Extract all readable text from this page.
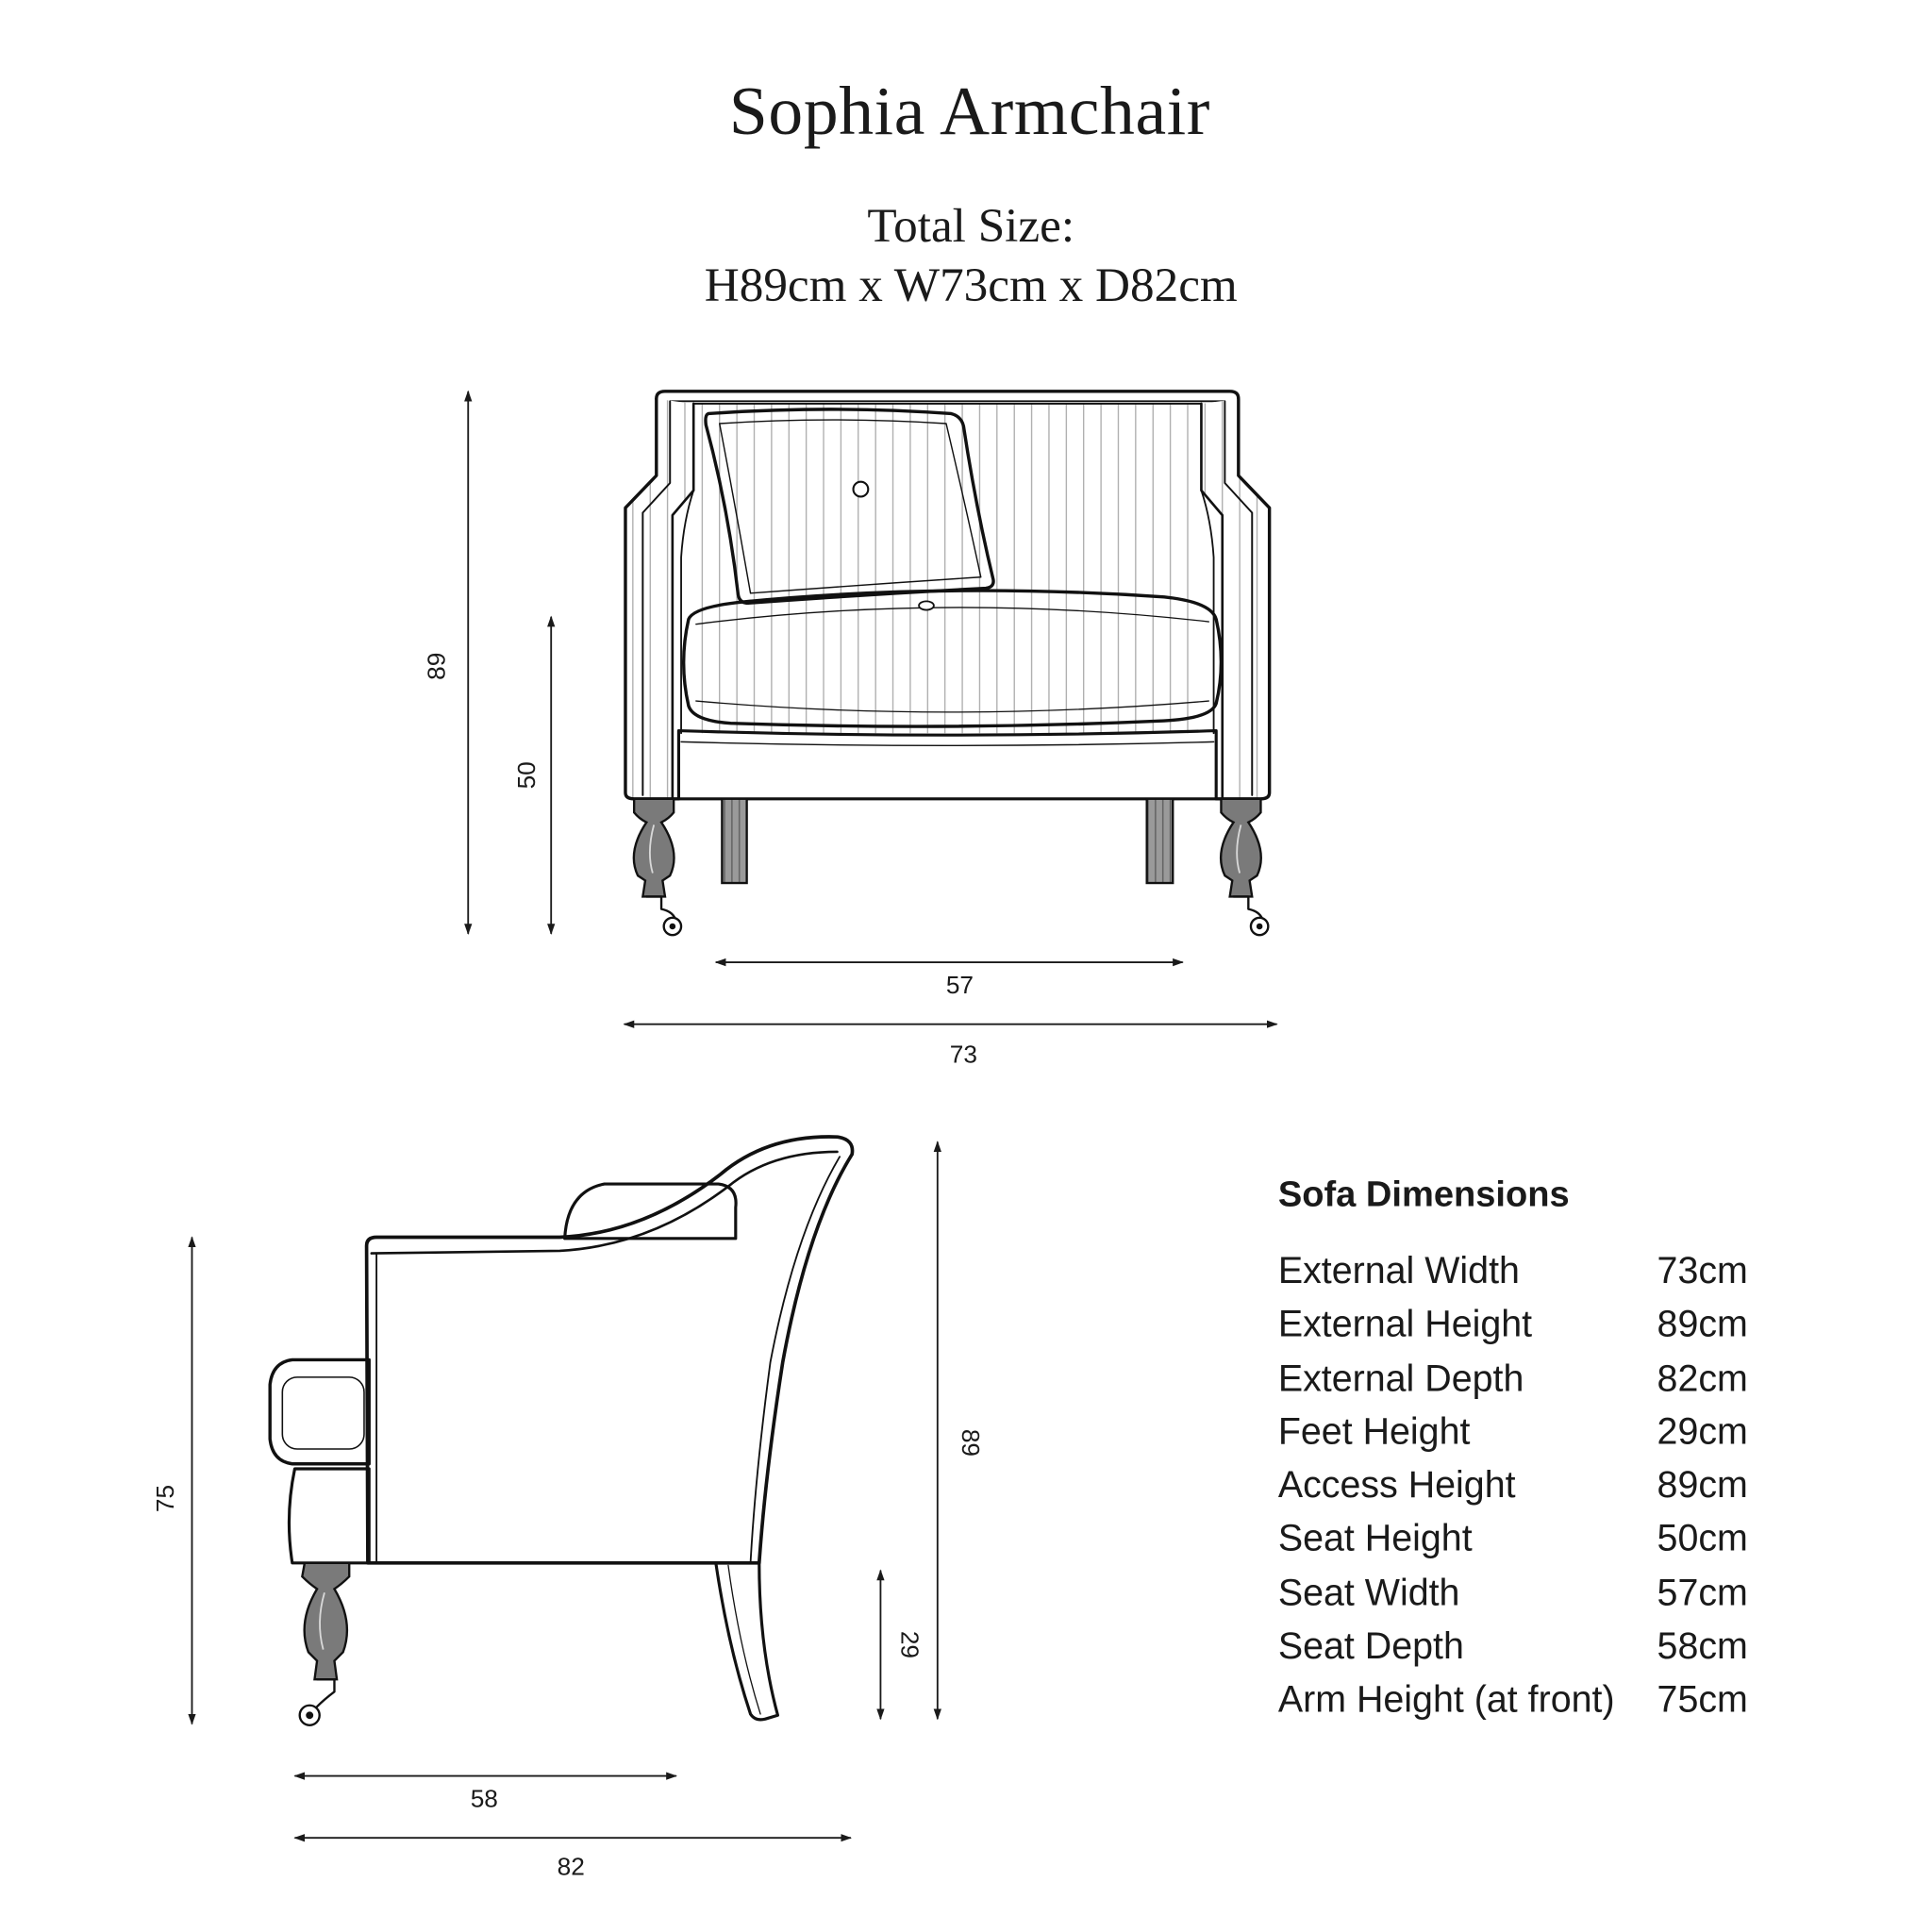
Sophia Armchair
Total Size:
H89cm x W73cm x D82cm
89
50
57
73
75
89
29
58
82
Sofa Dimensions
External Width	73cm
External Height	89cm
External Depth	82cm
Feet Height	29cm
Access Height	89cm
Seat Height	50cm
Seat Width	57cm
Seat Depth	58cm
Arm Height (at front)	75cm
